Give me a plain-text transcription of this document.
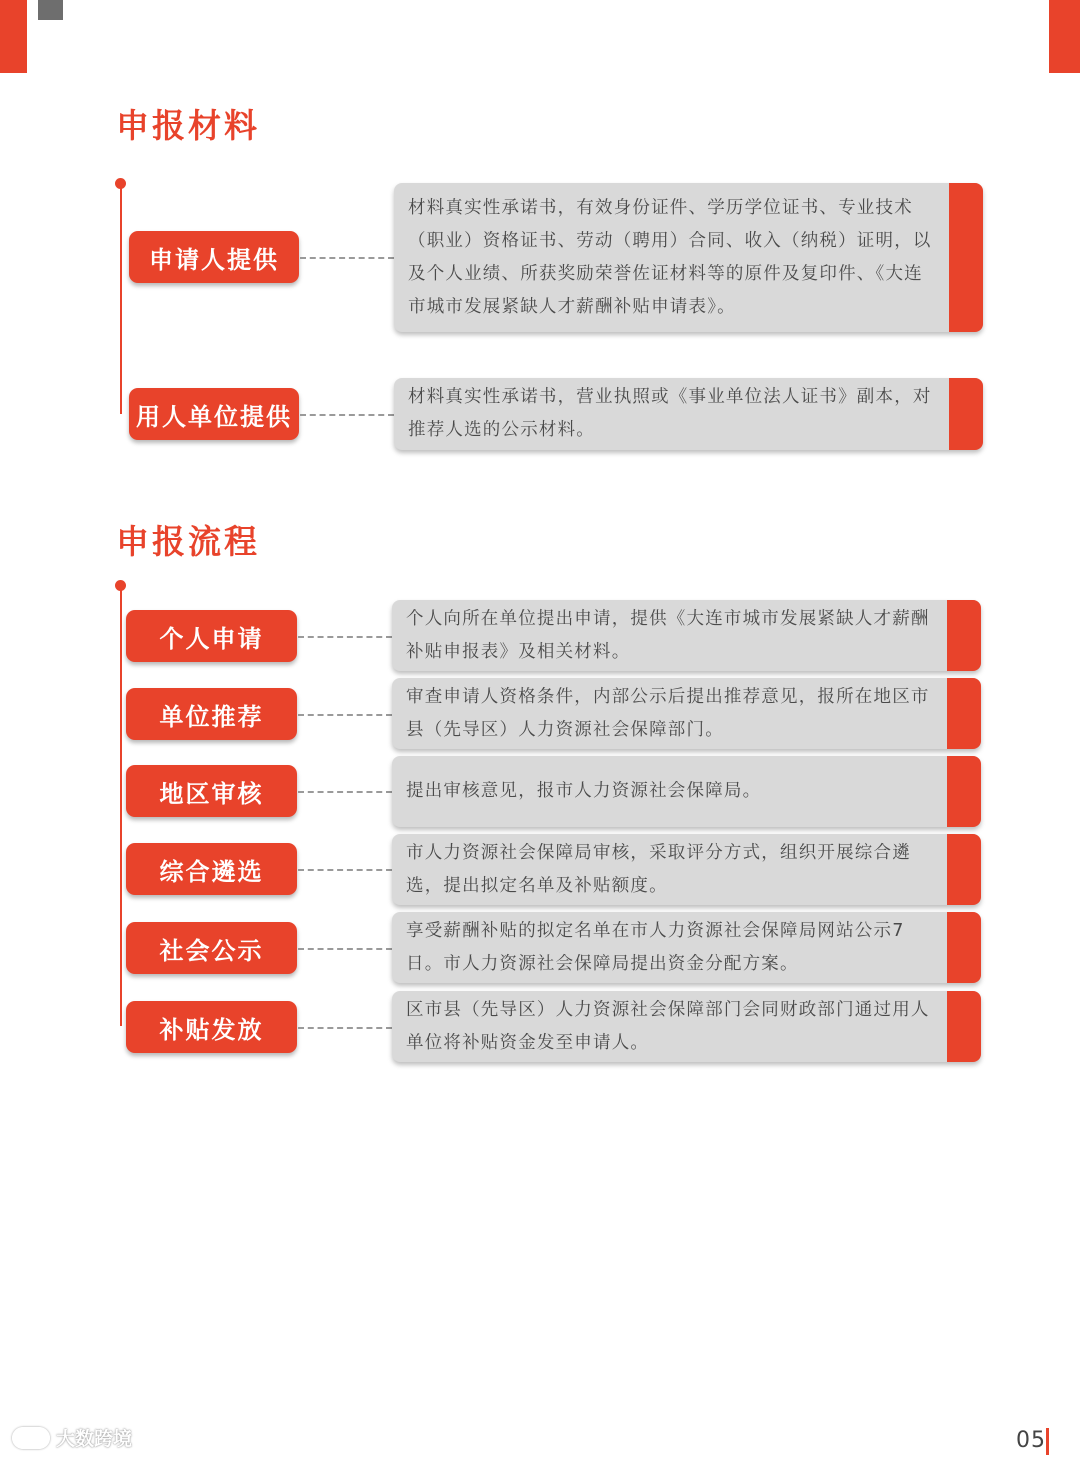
申报材料
申请人提供
材料真实性承诺书，有效身份证件、学历学位证书、专业技术（职业）资格证书、劳动（聘用）合同、收入（纳税）证明，以及个人业绩、所获奖励荣誉佐证材料等的原件及复印件、《大连市城市发展紧缺人才薪酬补贴申请表》。
用人单位提供
材料真实性承诺书，营业执照或《事业单位法人证书》副本，对推荐人选的公示材料。
申报流程
个人申请
个人向所在单位提出申请，提供《大连市城市发展紧缺人才薪酬补贴申报表》及相关材料。
单位推荐
审查申请人资格条件，内部公示后提出推荐意见，报所在地区市县（先导区）人力资源社会保障部门。
地区审核	提出审核意见，报市人力资源社会保障局。
综合遴选
市人力资源社会保障局审核，采取评分方式，组织开展综合遴选，提出拟定名单及补贴额度。
社会公示
享受薪酬补贴的拟定名单在市人力资源社会保障局网站公示7日。市人力资源社会保障局提出资金分配方案。
补贴发放
区市县（先导区）人力资源社会保障部门会同财政部门通过用人单位将补贴资金发至申请人。
大数跨境	05
